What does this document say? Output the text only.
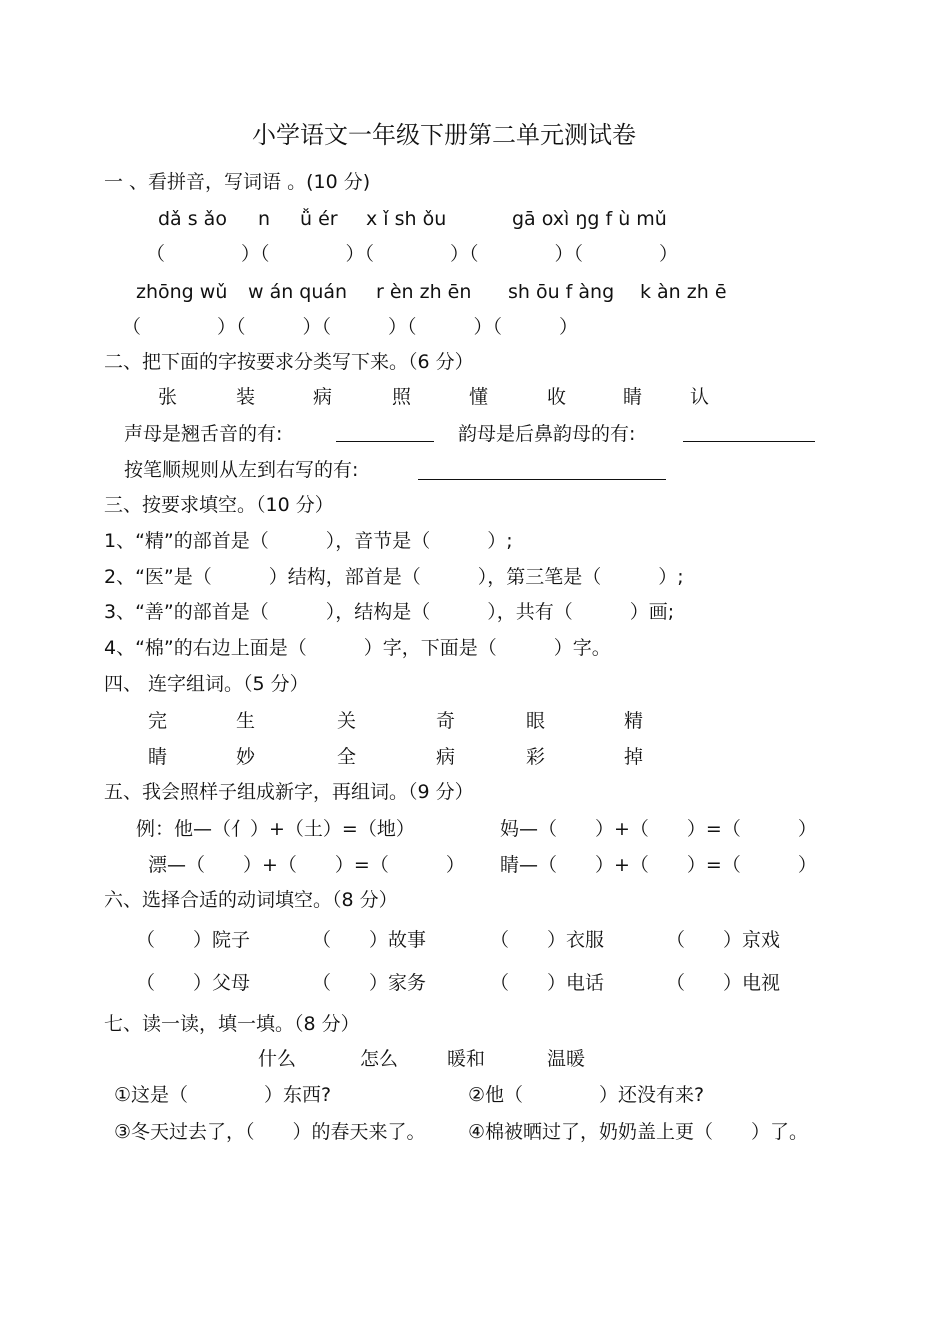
小学语文一年级下册第二单元测试卷
一 、看拼音，写词语 。(10 分)
dǎ s ǎo n ǚ ér x ǐ sh ǒu	gā oxì ŋg f ù mǔ
（　　　　）（　　　　）（　　　　）（　　　　）（　　　　）
zhōng wǔ w án quán r èn zh ēn sh ōu f àng k àn zh ē
（　　　　）（　　　）（　　　）（　　　）（　　　）
二、把下面的字按要求分类写下来。（6 分）
张	装	病	照	懂	收	睛	认
声母是翘舌音的有:	韵母是后鼻韵母的有:
按笔顺规则从左到右写的有:
三、按要求填空。（10 分）
1、“精”的部首是（　　　），音节是（　　　）;
2、“医”是（　　　）结构，部首是（　　　），第三笔是（　　　）;
3、“善”的部首是（　　　），结构是（　　　），共有（　　　）画;
4、“棉”的右边上面是（　　　）字，下面是（　　　）字。
四、 连字组词。（5 分）
完	生	关	奇	眼	精
睛	妙	全	病	彩	掉
五、我会照样子组成新字，再组词。（9 分）
例：他—（亻）+（土）=（地）	妈—（　　）+（　　）=（　　　）
漂—（　　）+（　　）=（　　　） 睛—（　　）+（　　）=（　　　）
六、选择合适的动词填空。（8 分）
（　　）院子	（　　）故事	（　　）衣服	（　　）京戏
（　　）父母	（　　）家务	（　　）电话	（　　）电视
七、读一读，填一填。（8 分）
什么	怎么	暖和	温暖
①这是（　　　　）东西?	②他（　　　　）还没有来?
③冬天过去了，（　　）的春天来了。 ④棉被晒过了，奶奶盖上更（　　）了。
